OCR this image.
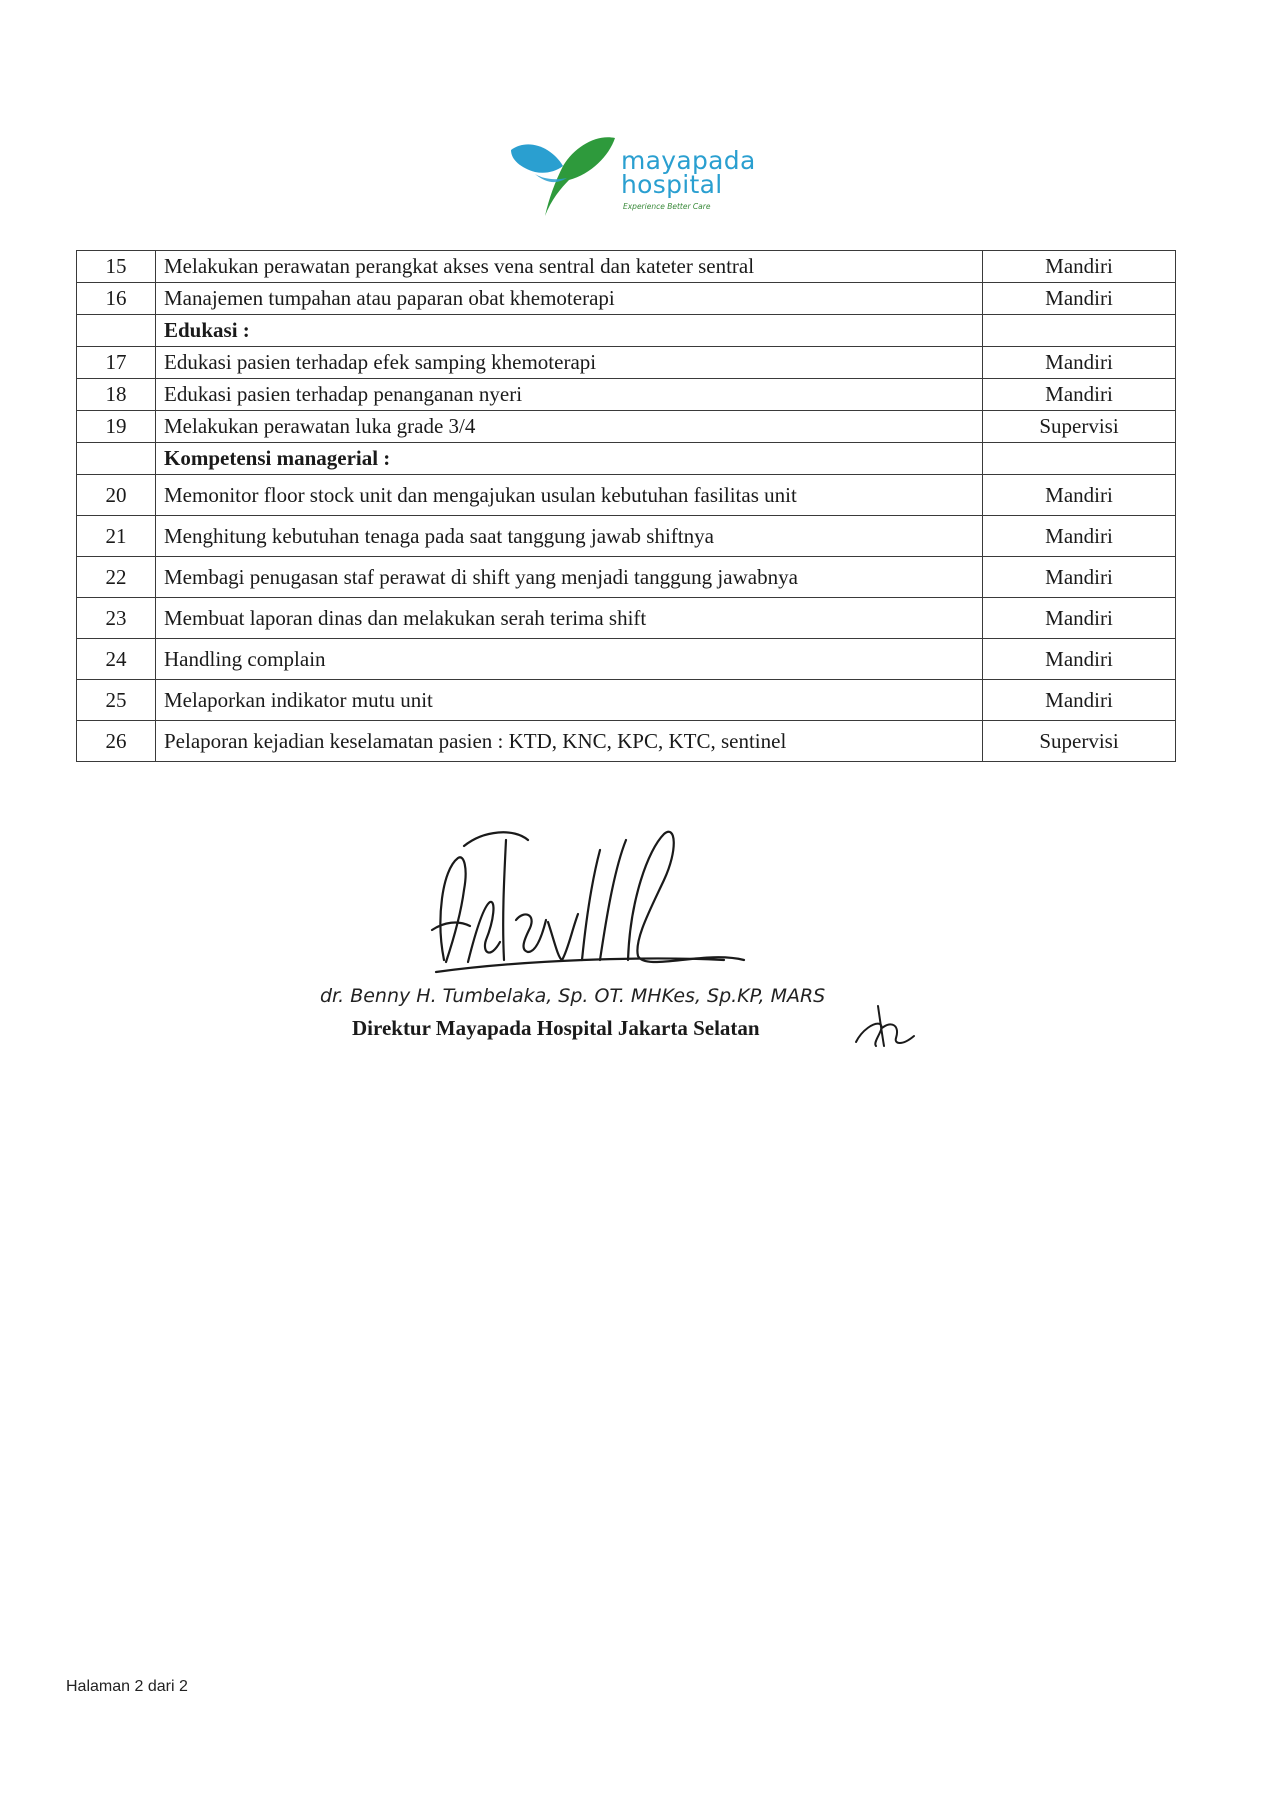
mayapada
hospital
Experience Better Care
15	Melakukan perawatan perangkat akses vena sentral dan kateter sentral	Mandiri
16	Manajemen tumpahan atau paparan obat khemoterapi	Mandiri
	Edukasi :	
17	Edukasi pasien terhadap efek samping khemoterapi	Mandiri
18	Edukasi pasien terhadap penanganan nyeri	Mandiri
19	Melakukan perawatan luka grade 3/4	Supervisi
	Kompetensi managerial :	
20	Memonitor floor stock unit dan mengajukan usulan kebutuhan fasilitas unit	Mandiri
21	Menghitung kebutuhan tenaga pada saat tanggung jawab shiftnya	Mandiri
22	Membagi penugasan staf perawat di shift yang menjadi tanggung jawabnya	Mandiri
23	Membuat laporan dinas dan melakukan serah terima shift	Mandiri
24	Handling complain	Mandiri
25	Melaporkan indikator mutu unit	Mandiri
26	Pelaporan kejadian keselamatan pasien : KTD, KNC, KPC, KTC, sentinel	Supervisi
dr. Benny H. Tumbelaka, Sp. OT. MHKes, Sp.KP, MARS
Direktur Mayapada Hospital Jakarta Selatan
Halaman 2 dari 2
